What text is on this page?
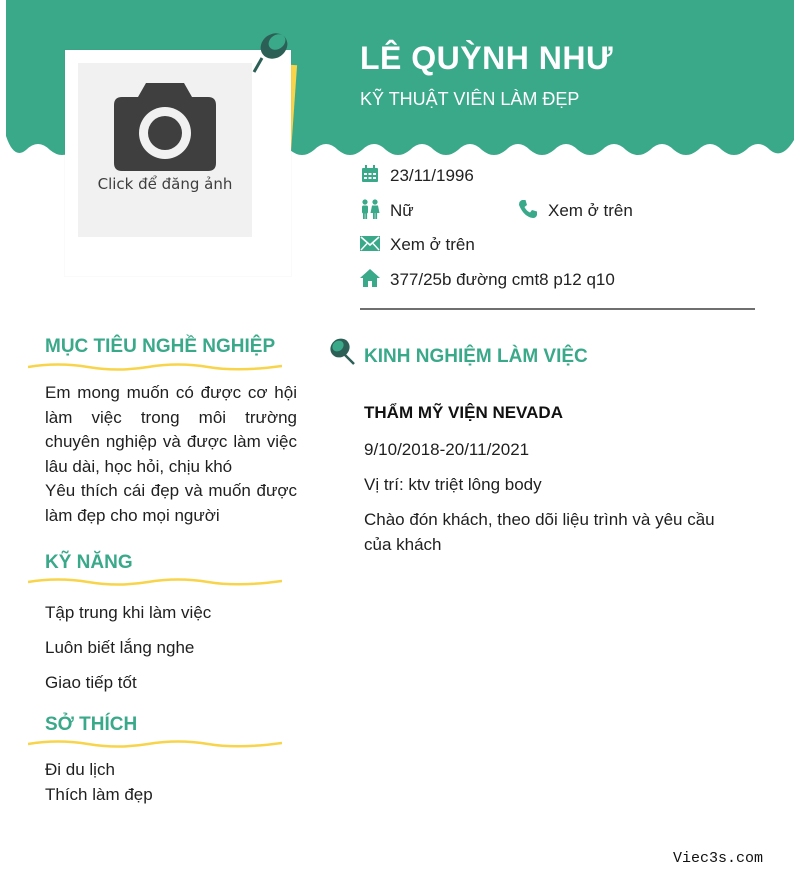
Click để đăng ảnh
LÊ QUỲNH NHƯ
KỸ THUẬT VIÊN LÀM ĐẸP
23/11/1996
Nữ	Xem ở trên
Xem ở trên
377/25b đường cmt8 p12 q10
MỤC TIÊU NGHỀ NGHIỆP
Em mong muốn có được cơ hội làm việc trong môi trường chuyên nghiệp và được làm việc lâu dài, học hỏi, chịu khó
Yêu thích cái đẹp và muốn được làm đẹp cho mọi người
KỸ NĂNG
Tập trung khi làm việc
Luôn biết lắng nghe
Giao tiếp tốt
SỞ THÍCH
Đi du lịch
Thích làm đẹp
KINH NGHIỆM LÀM VIỆC
THẨM MỸ VIỆN NEVADA
9/10/2018-20/11/2021
Vị trí: ktv triệt lông body
Chào đón khách, theo dõi liệu trình và yêu cầu của khách
Viec3s.com
